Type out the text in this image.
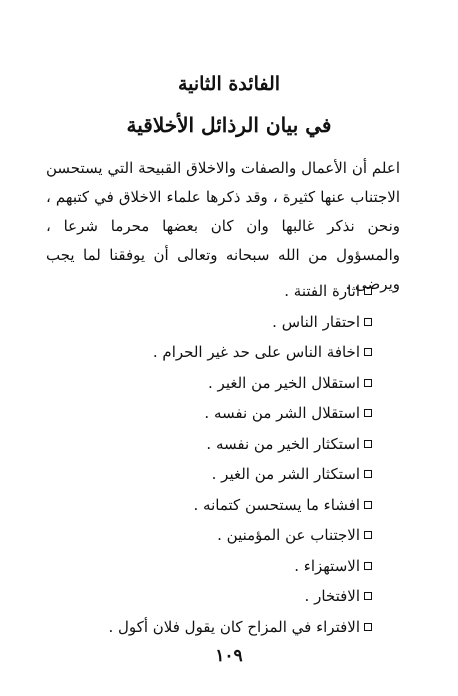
الفائدة الثانية
في بيان الرذائل الأخلاقية

اعلم أن الأعمال والصفات والاخلاق القبيحة التي يستحسن الاجتناب عنها كثيرة ، وقد ذكرها علماء الاخلاق في كتبهم ، ونحن نذكر غالبها وان كان بعضها محرما شرعا ، والمسؤول من الله سبحانه وتعالى أن يوفقنا لما يجب ويرضى .

اثارة الفتنة .
احتقار الناس .
اخافة الناس على حد غير الحرام .
استقلال الخير من الغير .
استقلال الشر من نفسه .
استكثار الخير من نفسه .
استكثار الشر من الغير .
افشاء ما يستحسن كتمانه .
الاجتناب عن المؤمنين .
الاستهزاء .
الافتخار .
الافتراء في المزاح كان يقول فلان أكول .
١٠٩
